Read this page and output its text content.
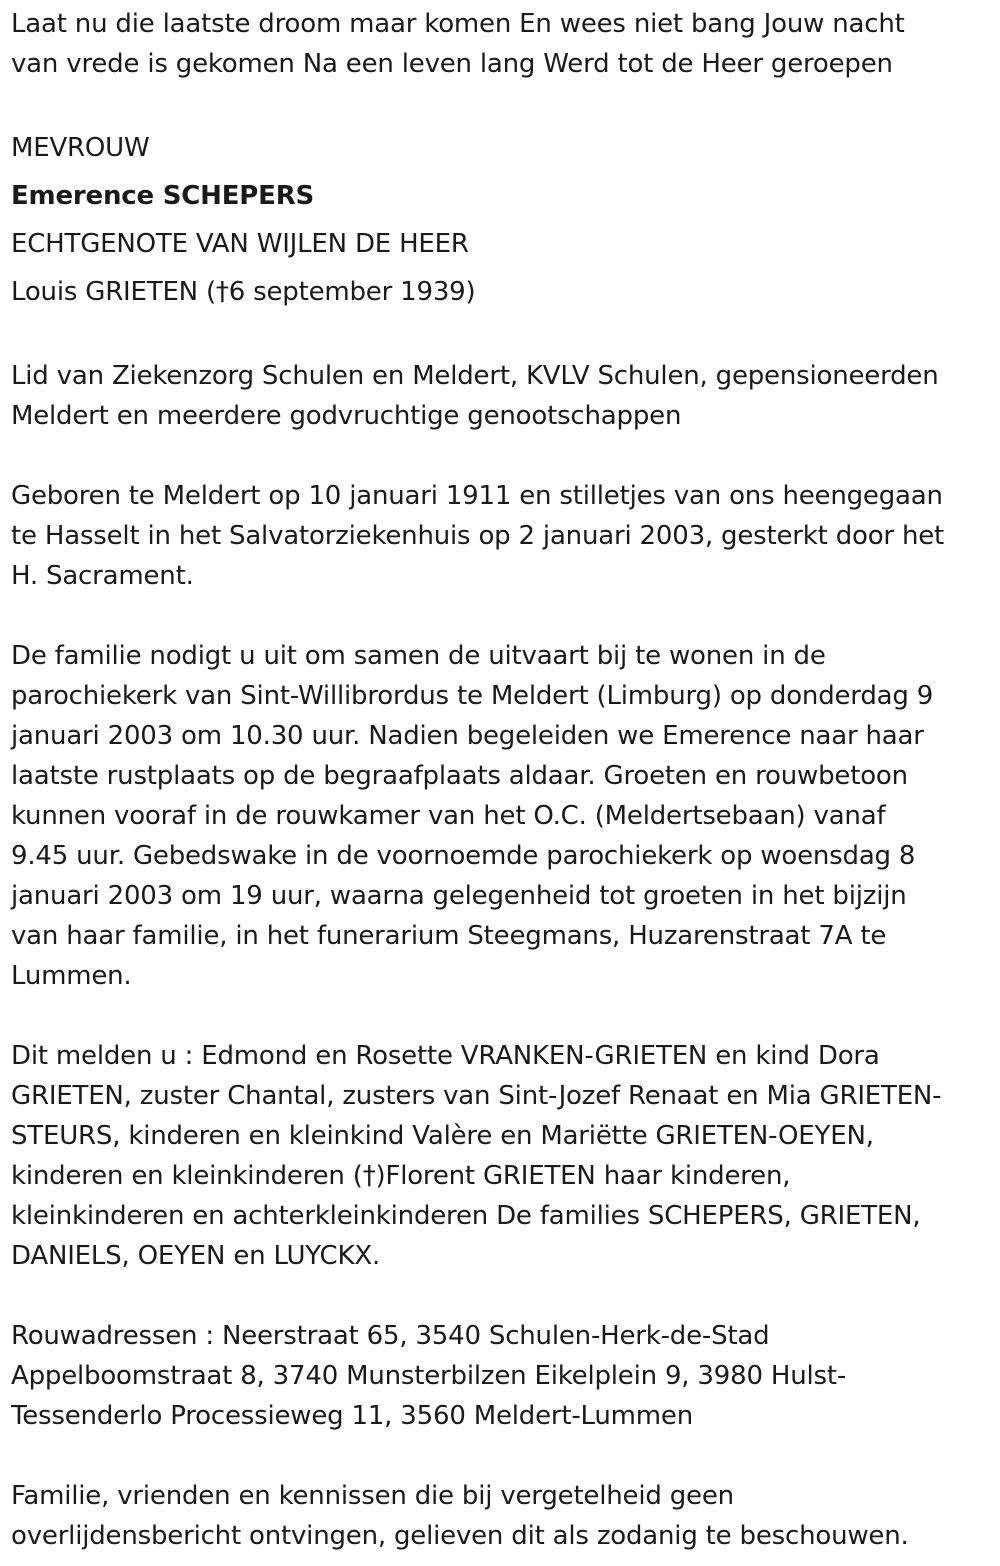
Laat nu die laatste droom maar komen En wees niet bang Jouw nacht
van vrede is gekomen Na een leven lang Werd tot de Heer geroepen
MEVROUW
Emerence SCHEPERS
ECHTGENOTE VAN WIJLEN DE HEER
Louis GRIETEN (†6 september 1939)
Lid van Ziekenzorg Schulen en Meldert, KVLV Schulen, gepensioneerden
Meldert en meerdere godvruchtige genootschappen
Geboren te Meldert op 10 januari 1911 en stilletjes van ons heengegaan
te Hasselt in het Salvatorziekenhuis op 2 januari 2003, gesterkt door het
H. Sacrament.
De familie nodigt u uit om samen de uitvaart bij te wonen in de
parochiekerk van Sint-Willibrordus te Meldert (Limburg) op donderdag 9
januari 2003 om 10.30 uur. Nadien begeleiden we Emerence naar haar
laatste rustplaats op de begraafplaats aldaar. Groeten en rouwbetoon
kunnen vooraf in de rouwkamer van het O.C. (Meldertsebaan) vanaf
9.45 uur. Gebedswake in de voornoemde parochiekerk op woensdag 8
januari 2003 om 19 uur, waarna gelegenheid tot groeten in het bijzijn
van haar familie, in het funerarium Steegmans, Huzarenstraat 7A te
Lummen.
Dit melden u : Edmond en Rosette VRANKEN-GRIETEN en kind Dora
GRIETEN, zuster Chantal, zusters van Sint-Jozef Renaat en Mia GRIETEN-
STEURS, kinderen en kleinkind Valère en Mariëtte GRIETEN-OEYEN,
kinderen en kleinkinderen (†)Florent GRIETEN haar kinderen,
kleinkinderen en achterkleinkinderen De families SCHEPERS, GRIETEN,
DANIELS, OEYEN en LUYCKX.
Rouwadressen : Neerstraat 65, 3540 Schulen-Herk-de-Stad
Appelboomstraat 8, 3740 Munsterbilzen Eikelplein 9, 3980 Hulst-
Tessenderlo Processieweg 11, 3560 Meldert-Lummen
Familie, vrienden en kennissen die bij vergetelheid geen
overlijdensbericht ontvingen, gelieven dit als zodanig te beschouwen.
